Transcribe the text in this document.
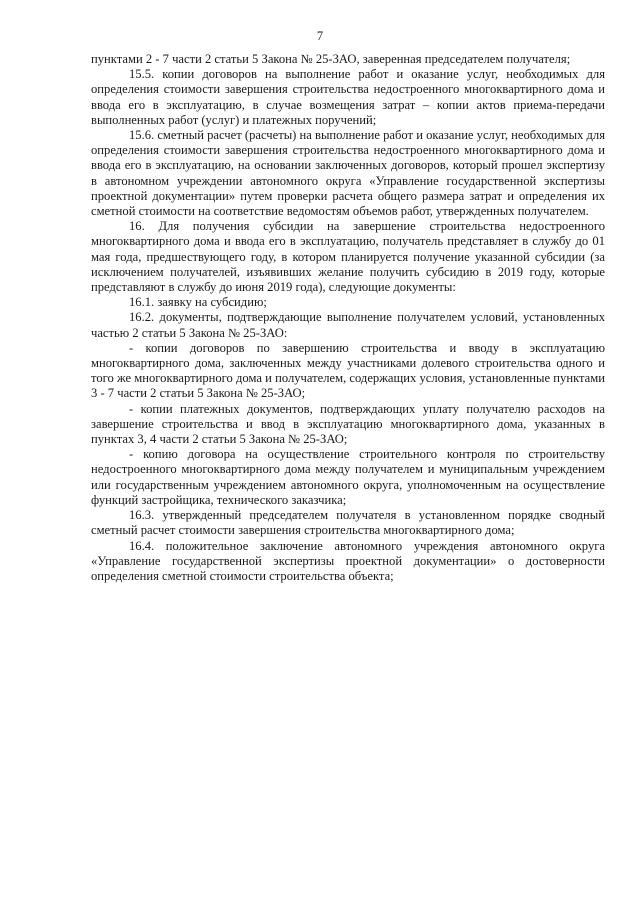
7

пунктами 2 - 7 части 2 статьи 5 Закона № 25-ЗАО, заверенная председателем получателя;

15.5. копии договоров на выполнение работ и оказание услуг, необходимых для определения стоимости завершения строительства недостроенного многоквартирного дома и ввода его в эксплуатацию, в случае возмещения затрат – копии актов приема-передачи выполненных работ (услуг) и платежных поручений;

15.6. сметный расчет (расчеты) на выполнение работ и оказание услуг, необходимых для определения стоимости завершения строительства недостроенного многоквартирного дома и ввода его в эксплуатацию, на основании заключенных договоров, который прошел экспертизу в автономном учреждении автономного округа «Управление государственной экспертизы проектной документации» путем проверки расчета общего размера затрат и определения их сметной стоимости на соответствие ведомостям объемов работ, утвержденных получателем.

16. Для получения субсидии на завершение строительства недостроенного многоквартирного дома и ввода его в эксплуатацию, получатель представляет в службу до 01 мая года, предшествующего году, в котором планируется получение указанной субсидии (за исключением получателей, изъявивших желание получить субсидию в 2019 году, которые представляют в службу до июня 2019 года), следующие документы:

16.1. заявку на субсидию;

16.2. документы, подтверждающие выполнение получателем условий, установленных частью 2 статьи 5 Закона № 25-ЗАО:

- копии договоров по завершению строительства и вводу в эксплуатацию многоквартирного дома, заключенных между участниками долевого строительства одного и того же многоквартирного дома и получателем, содержащих условия, установленные пунктами 3 - 7 части 2 статьи 5 Закона № 25-ЗАО;

- копии платежных документов, подтверждающих уплату получателю расходов на завершение строительства и ввод в эксплуатацию многоквартирного дома, указанных в пунктах 3, 4 части 2 статьи 5 Закона № 25-ЗАО;

- копию договора на осуществление строительного контроля по строительству недостроенного многоквартирного дома между получателем и муниципальным учреждением или государственным учреждением автономного округа, уполномоченным на осуществление функций застройщика, технического заказчика;

16.3. утвержденный председателем получателя в установленном порядке сводный сметный расчет стоимости завершения строительства многоквартирного дома;

16.4. положительное заключение автономного учреждения автономного округа «Управление государственной экспертизы проектной документации» о достоверности определения сметной стоимости строительства объекта;
